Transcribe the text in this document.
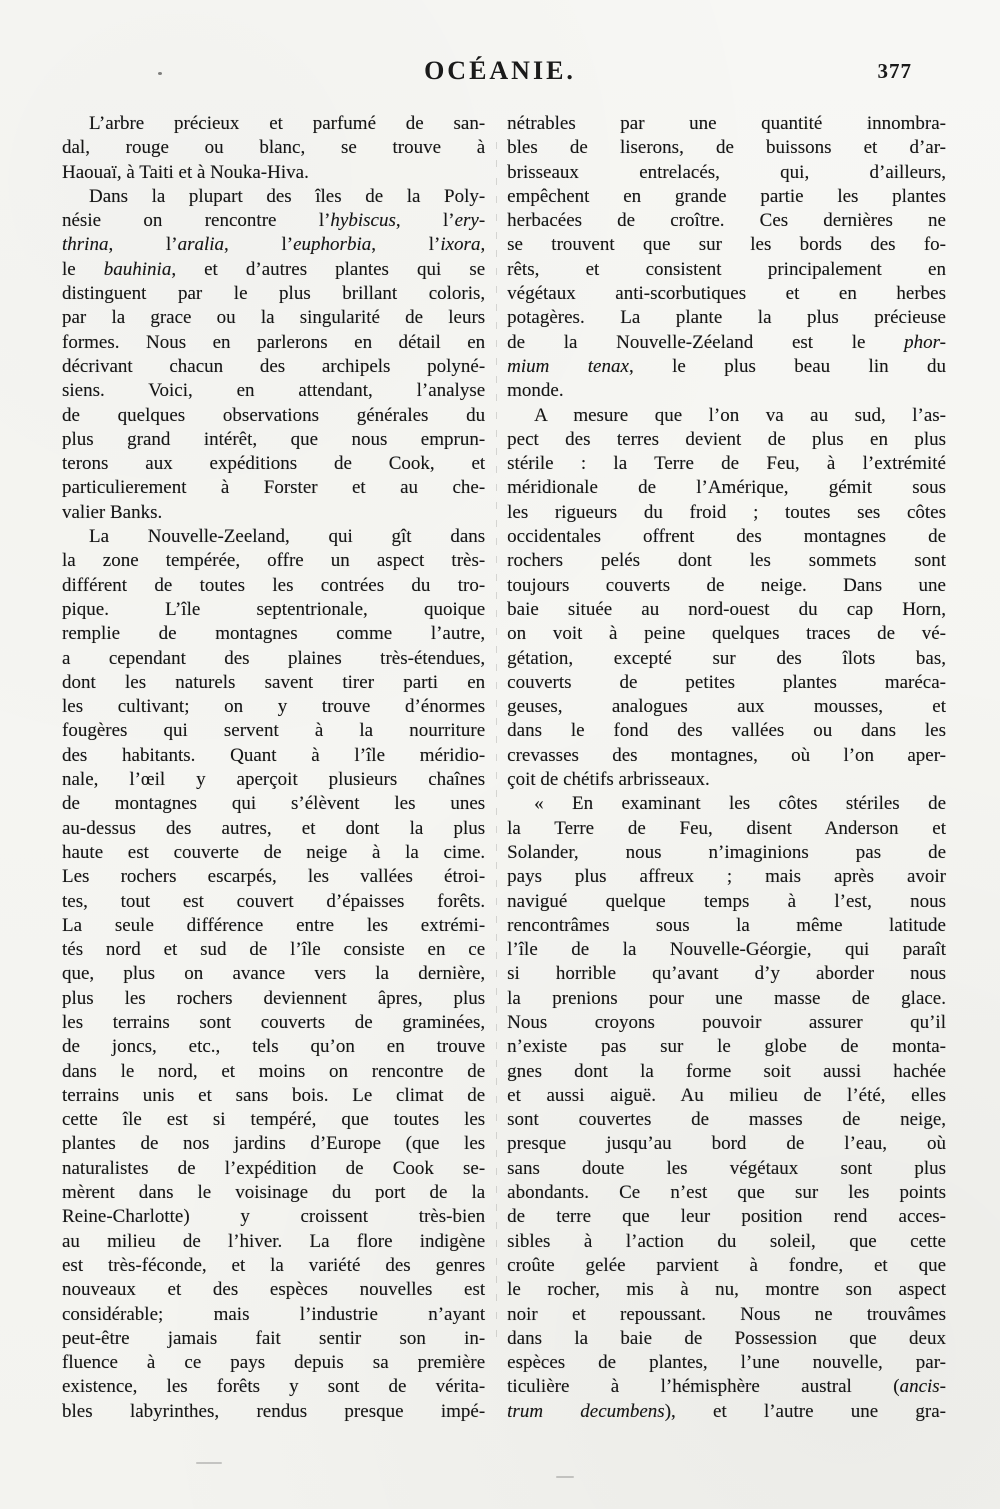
OCÉANIE.	377
L’arbre précieux et parfumé de san-
dal, rouge ou blanc, se trouve à
Haouaï, à Taiti et à Nouka-Hiva.
Dans la plupart des îles de la Poly-
nésie on rencontre l’hybiscus, l’ery-
thrina, l’aralia, l’euphorbia, l’ixora,
le bauhinia, et d’autres plantes qui se
distinguent par le plus brillant coloris,
par la grace ou la singularité de leurs
formes. Nous en parlerons en détail en
décrivant chacun des archipels polyné-
siens. Voici, en attendant, l’analyse
de quelques observations générales du
plus grand intérêt, que nous emprun-
terons aux expéditions de Cook, et
particulierement à Forster et au che-
valier Banks.
La Nouvelle-Zeeland, qui gît dans
la zone tempérée, offre un aspect très-
différent de toutes les contrées du tro-
pique. L’île septentrionale, quoique
remplie de montagnes comme l’autre,
a cependant des plaines très-étendues,
dont les naturels savent tirer parti en
les cultivant; on y trouve d’énormes
fougères qui servent à la nourriture
des habitants. Quant à l’île méridio-
nale, l’œil y aperçoit plusieurs chaînes
de montagnes qui s’élèvent les unes
au-dessus des autres, et dont la plus
haute est couverte de neige à la cime.
Les rochers escarpés, les vallées étroi-
tes, tout est couvert d’épaisses forêts.
La seule différence entre les extrémi-
tés nord et sud de l’île consiste en ce
que, plus on avance vers la dernière,
plus les rochers deviennent âpres, plus
les terrains sont couverts de graminées,
de joncs, etc., tels qu’on en trouve
dans le nord, et moins on rencontre de
terrains unis et sans bois. Le climat de
cette île est si tempéré, que toutes les
plantes de nos jardins d’Europe (que les
naturalistes de l’expédition de Cook se-
mèrent dans le voisinage du port de la
Reine-Charlotte) y croissent très-bien
au milieu de l’hiver. La flore indigène
est très-féconde, et la variété des genres
nouveaux et des espèces nouvelles est
considérable; mais l’industrie n’ayant
peut-être jamais fait sentir son in-
fluence à ce pays depuis sa première
existence, les forêts y sont de vérita-
bles labyrinthes, rendus presque impé-
nétrables par une quantité innombra-
bles de liserons, de buissons et d’ar-
brisseaux entrelacés, qui, d’ailleurs,
empêchent en grande partie les plantes
herbacées de croître. Ces dernières ne
se trouvent que sur les bords des fo-
rêts, et consistent principalement en
végétaux anti-scorbutiques et en herbes
potagères. La plante la plus précieuse
de la Nouvelle-Zéeland est le phor-
mium tenax, le plus beau lin du
monde.
A mesure que l’on va au sud, l’as-
pect des terres devient de plus en plus
stérile : la Terre de Feu, à l’extrémité
méridionale de l’Amérique, gémit sous
les rigueurs du froid ; toutes ses côtes
occidentales offrent des montagnes de
rochers pelés dont les sommets sont
toujours couverts de neige. Dans une
baie située au nord-ouest du cap Horn,
on voit à peine quelques traces de vé-
gétation, excepté sur des îlots bas,
couverts de petites plantes maréca-
geuses, analogues aux mousses, et
dans le fond des vallées ou dans les
crevasses des montagnes, où l’on aper-
çoit de chétifs arbrisseaux.
« En examinant les côtes stériles de
la Terre de Feu, disent Anderson et
Solander, nous n’imaginions pas de
pays plus affreux ; mais après avoir
navigué quelque temps à l’est, nous
rencontrâmes sous la même latitude
l’île de la Nouvelle-Géorgie, qui paraît
si horrible qu’avant d’y aborder nous
la prenions pour une masse de glace.
Nous croyons pouvoir assurer qu’il
n’existe pas sur le globe de monta-
gnes dont la forme soit aussi hachée
et aussi aiguë. Au milieu de l’été, elles
sont couvertes de masses de neige,
presque jusqu’au bord de l’eau, où
sans doute les végétaux sont plus
abondants. Ce n’est que sur les points
de terre que leur position rend acces-
sibles à l’action du soleil, que cette
croûte gelée parvient à fondre, et que
le rocher, mis à nu, montre son aspect
noir et repoussant. Nous ne trouvâmes
dans la baie de Possession que deux
espèces de plantes, l’une nouvelle, par-
ticulière à l’hémisphère austral (ancis-
trum decumbens), et l’autre une gra-
